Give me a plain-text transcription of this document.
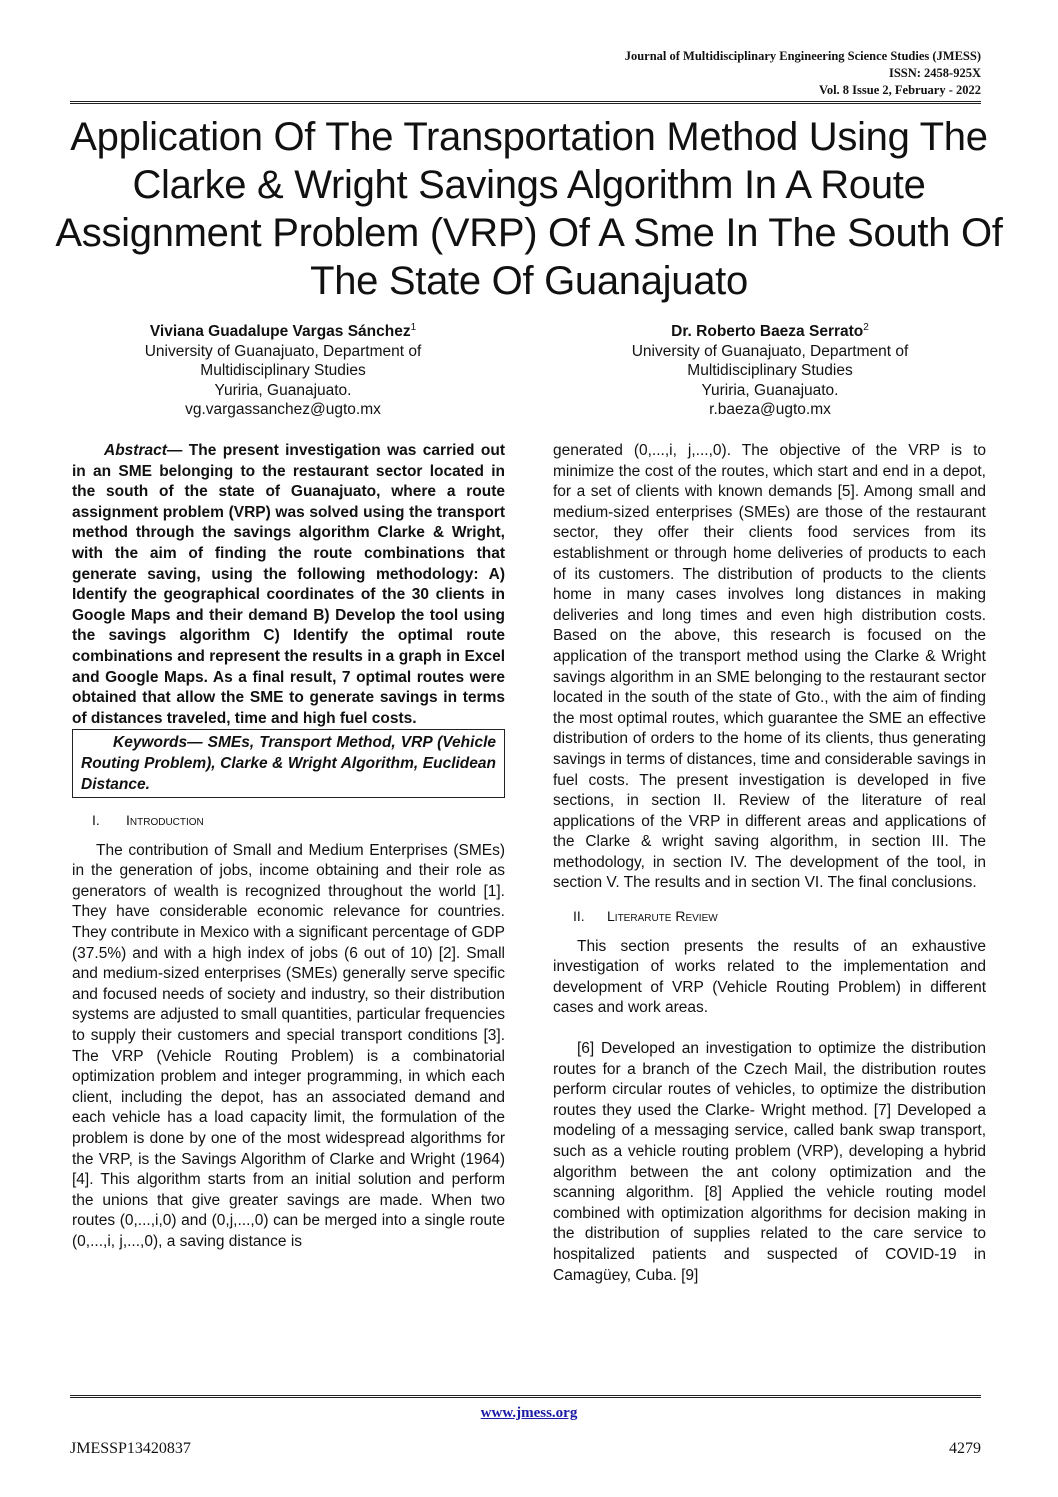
Journal of Multidisciplinary Engineering Science Studies (JMESS)
ISSN: 2458-925X
Vol. 8 Issue 2, February - 2022
Application Of The Transportation Method Using The Clarke & Wright Savings Algorithm In A Route Assignment Problem (VRP) Of A Sme In The South Of The State Of Guanajuato
Viviana Guadalupe Vargas Sánchez$^1$
University of Guanajuato, Department of Multidisciplinary Studies
Yuriria, Guanajuato.
vg.vargassanchez@ugto.mx
Dr. Roberto Baeza Serrato$^2$
University of Guanajuato, Department of Multidisciplinary Studies
Yuriria, Guanajuato.
r.baeza@ugto.mx

Abstract— The present investigation was carried out in an SME belonging to the restaurant sector located in the south of the state of Guanajuato, where a route assignment problem (VRP) was solved using the transport method through the savings algorithm Clarke & Wright, with the aim of finding the route combinations that generate saving, using the following methodology: A) Identify the geographical coordinates of the 30 clients in Google Maps and their demand B) Develop the tool using the savings algorithm C) Identify the optimal route combinations and represent the results in a graph in Excel and Google Maps. As a final result, 7 optimal routes were obtained that allow the SME to generate savings in terms of distances traveled, time and high fuel costs.

Keywords— SMEs, Transport Method, VRP (Vehicle Routing Problem), Clarke & Wright Algorithm, Euclidean Distance.

I. Introduction

The contribution of Small and Medium Enterprises (SMEs) in the generation of jobs, income obtaining and their role as generators of wealth is recognized throughout the world [1]. They have considerable economic relevance for countries. They contribute in Mexico with a significant percentage of GDP (37.5%) and with a high index of jobs (6 out of 10) [2]. Small and medium-sized enterprises (SMEs) generally serve specific and focused needs of society and industry, so their distribution systems are adjusted to small quantities, particular frequencies to supply their customers and special transport conditions [3]. The VRP (Vehicle Routing Problem) is a combinatorial optimization problem and integer programming, in which each client, including the depot, has an associated demand and each vehicle has a load capacity limit, the formulation of the problem is done by one of the most widespread algorithms for the VRP, is the Savings Algorithm of Clarke and Wright (1964) [4]. This algorithm starts from an initial solution and perform the unions that give greater savings are made. When two routes (0,...,i,0) and (0,j,...,0) can be merged into a single route (0,...,i, j,...,0), a saving distance is

generated (0,...,i, j,...,0). The objective of the VRP is to minimize the cost of the routes, which start and end in a depot, for a set of clients with known demands [5]. Among small and medium-sized enterprises (SMEs) are those of the restaurant sector, they offer their clients food services from its establishment or through home deliveries of products to each of its customers. The distribution of products to the clients home in many cases involves long distances in making deliveries and long times and even high distribution costs. Based on the above, this research is focused on the application of the transport method using the Clarke & Wright savings algorithm in an SME belonging to the restaurant sector located in the south of the state of Gto., with the aim of finding the most optimal routes, which guarantee the SME an effective distribution of orders to the home of its clients, thus generating savings in terms of distances, time and considerable savings in fuel costs. The present investigation is developed in five sections, in section II. Review of the literature of real applications of the VRP in different areas and applications of the Clarke & wright saving algorithm, in section III. The methodology, in section IV. The development of the tool, in section V. The results and in section VI. The final conclusions.

II. Literarute Review

This section presents the results of an exhaustive investigation of works related to the implementation and development of VRP (Vehicle Routing Problem) in different cases and work areas.

[6] Developed an investigation to optimize the distribution routes for a branch of the Czech Mail, the distribution routes perform circular routes of vehicles, to optimize the distribution routes they used the Clarke- Wright method. [7] Developed a modeling of a messaging service, called bank swap transport, such as a vehicle routing problem (VRP), developing a hybrid algorithm between the ant colony optimization and the scanning algorithm. [8] Applied the vehicle routing model combined with optimization algorithms for decision making in the distribution of supplies related to the care service to hospitalized patients and suspected of COVID-19 in Camagüey, Cuba. [9]

www.jmess.org
JMESSP13420837	4279
